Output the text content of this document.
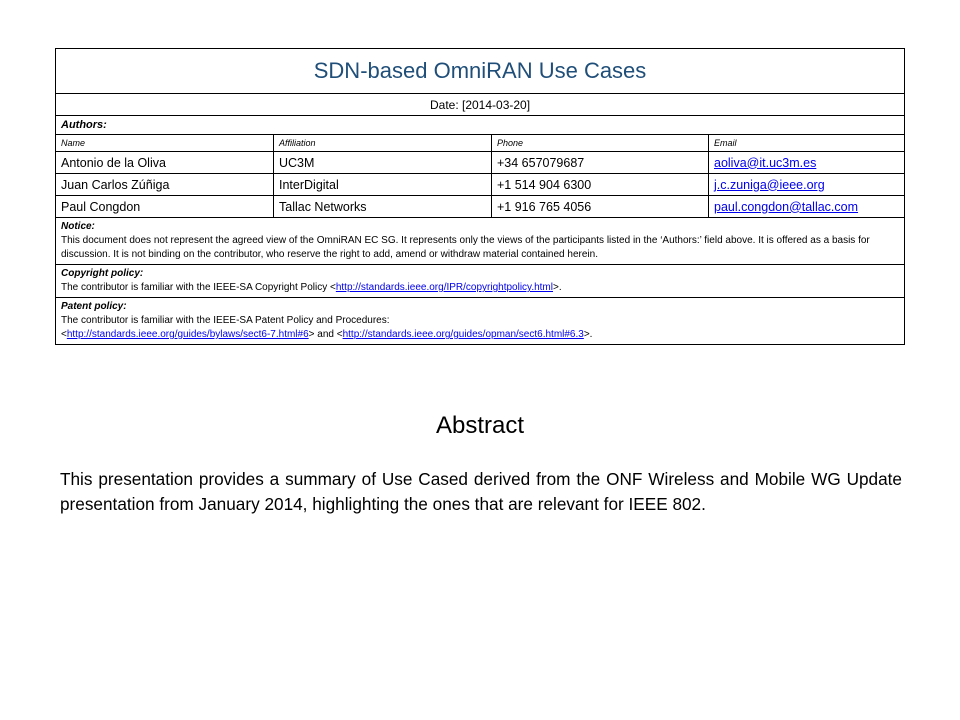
SDN-based OmniRAN Use Cases			
Date: [2014-03-20]			
Authors:			
Name	Affiliation	Phone	Email
Antonio de la Oliva	UC3M	+34 657079687	aoliva@it.uc3m.es
Juan Carlos Zúñiga	InterDigital	+1 514 904 6300	j.c.zuniga@ieee.org
Paul Congdon	Tallac Networks	+1 916 765 4056	paul.congdon@tallac.com
Notice:
This document does not represent the agreed view of the OmniRAN EC SG. It represents only the views of the participants listed in the ‘Authors:’ field above. It is offered as a basis for discussion. It is not binding on the contributor, who reserve the right to add, amend or withdraw material contained herein.			
Copyright policy:
The contributor is familiar with the IEEE-SA Copyright Policy <http://standards.ieee.org/IPR/copyrightpolicy.html>.			
Patent policy:
The contributor is familiar with the IEEE-SA Patent Policy and Procedures:
<http://standards.ieee.org/guides/bylaws/sect6-7.html#6> and <http://standards.ieee.org/guides/opman/sect6.html#6.3>.			
Abstract
This presentation provides a summary of Use Cased derived from the ONF Wireless and Mobile WG Update presentation from January 2014, highlighting the ones that are relevant for IEEE 802.
